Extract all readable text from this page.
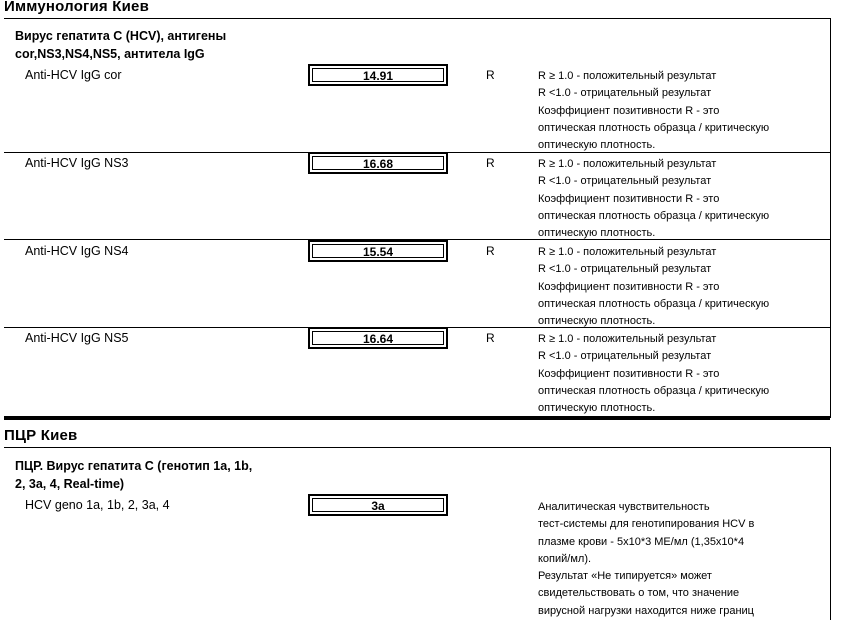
Иммунология Киев
Вирус гепатита С (HCV), антигены
cor,NS3,NS4,NS5, антитела IgG
Anti-HCV IgG cor	14.91	R	R ≥ 1.0 - положительный результат
R <1.0 - отрицательный результат
Коэффициент позитивности R - это
оптическая плотность образца / критическую
оптическую плотность.
Anti-HCV IgG NS3	16.68	R	R ≥ 1.0 - положительный результат
R <1.0 - отрицательный результат
Коэффициент позитивности R - это
оптическая плотность образца / критическую
оптическую плотность.
Anti-HCV IgG NS4	15.54	R	R ≥ 1.0 - положительный результат
R <1.0 - отрицательный результат
Коэффициент позитивности R - это
оптическая плотность образца / критическую
оптическую плотность.
Anti-HCV IgG NS5	16.64	R	R ≥ 1.0 - положительный результат
R <1.0 - отрицательный результат
Коэффициент позитивности R - это
оптическая плотность образца / критическую
оптическую плотность.
ПЦР Киев
ПЦР. Вирус гепатита С (генотип 1а, 1b,
2, 3а, 4, Real-time)
HCV geno 1a, 1b, 2, 3a, 4	3a	Аналитическая чувствительность
тест-системы для генотипирования HCV в
плазме крови - 5х10*3 МЕ/мл (1,35х10*4
копий/мл).
Результат «Не типируется» может
свидетельствовать о том, что значение
вирусной нагрузки находится ниже границ
